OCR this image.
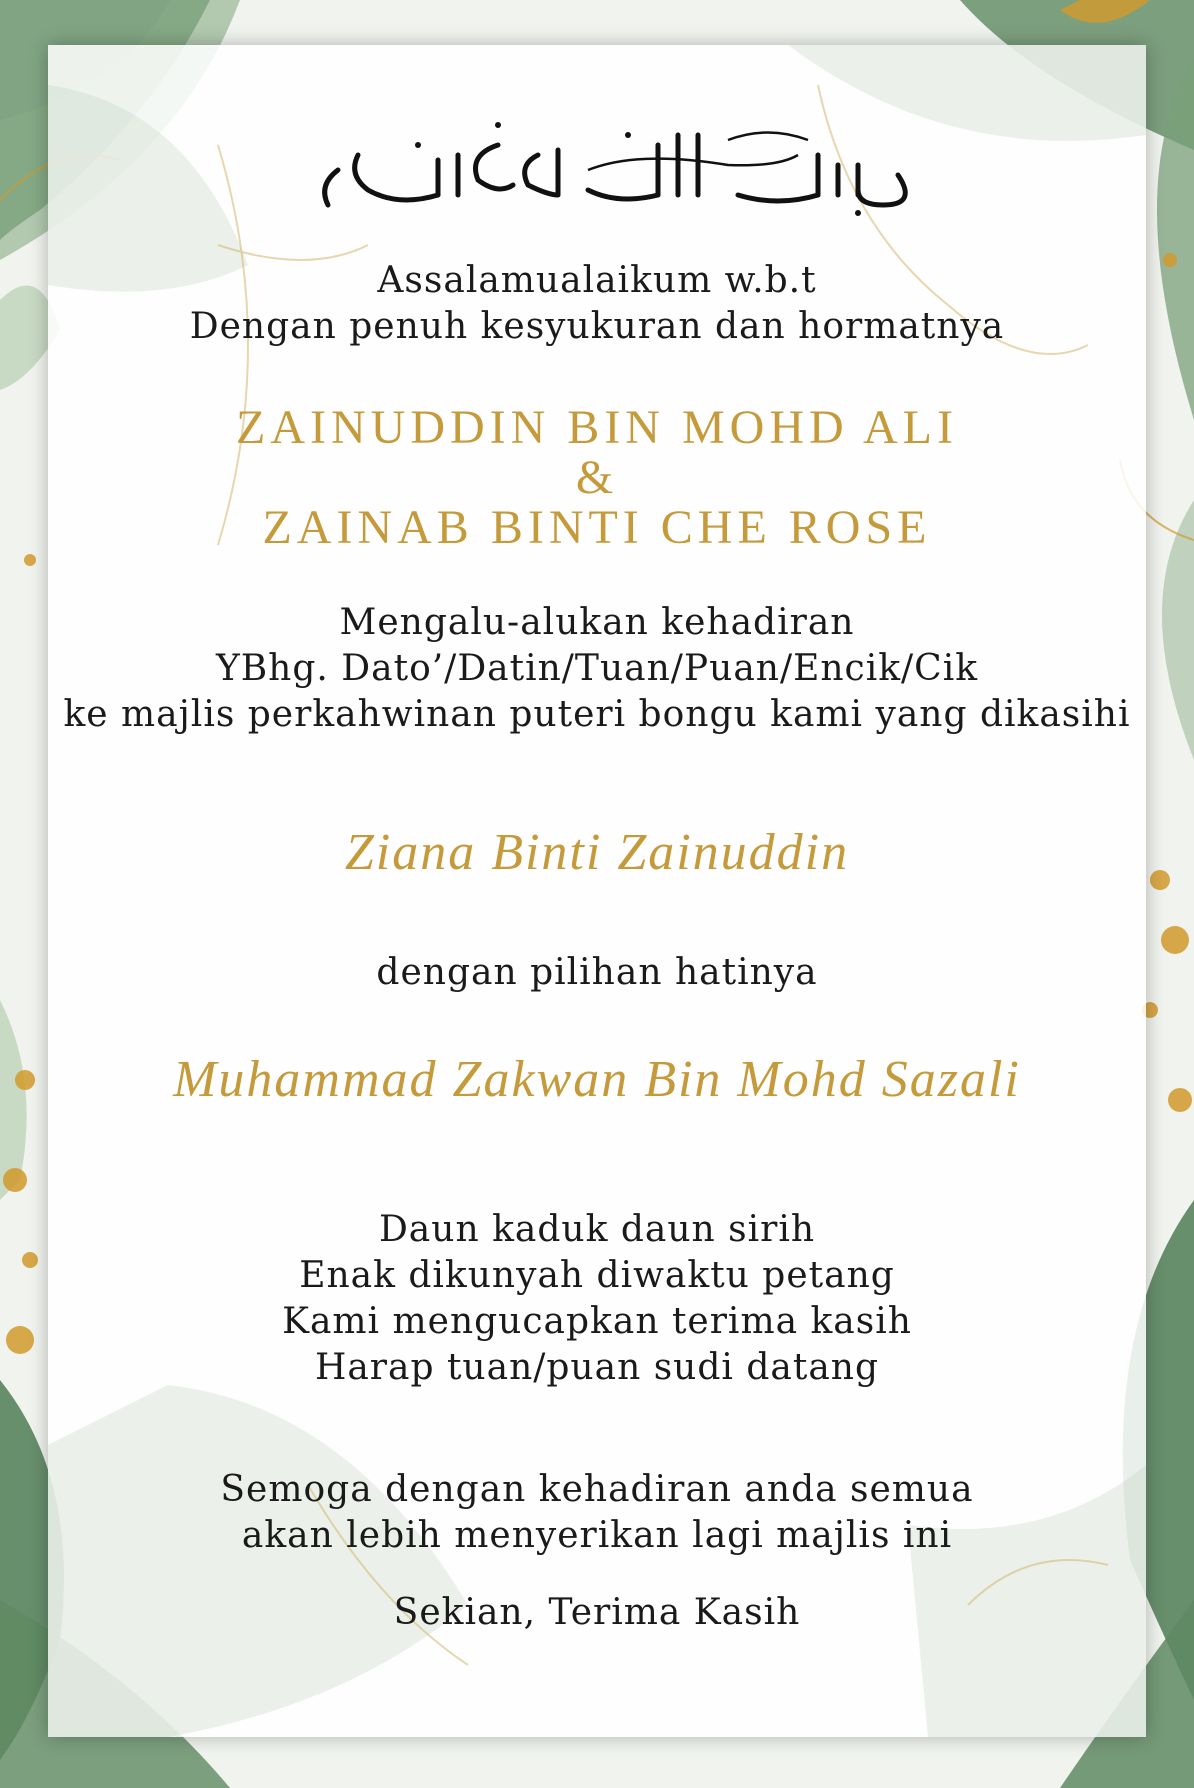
Assalamualaikum w.b.t
Dengan penuh kesyukuran dan hormatnya
ZAINUDDIN BIN MOHD ALI
&
ZAINAB BINTI CHE ROSE
Mengalu-alukan kehadiran
YBhg. Dato’/Datin/Tuan/Puan/Encik/Cik
ke majlis perkahwinan puteri bongu kami yang dikasihi
Ziana Binti Zainuddin
dengan pilihan hatinya
Muhammad Zakwan Bin Mohd Sazali
Daun kaduk daun sirih
Enak dikunyah diwaktu petang
Kami mengucapkan terima kasih
Harap tuan/puan sudi datang
Semoga dengan kehadiran anda semua
akan lebih menyerikan lagi majlis ini
Sekian, Terima Kasih
